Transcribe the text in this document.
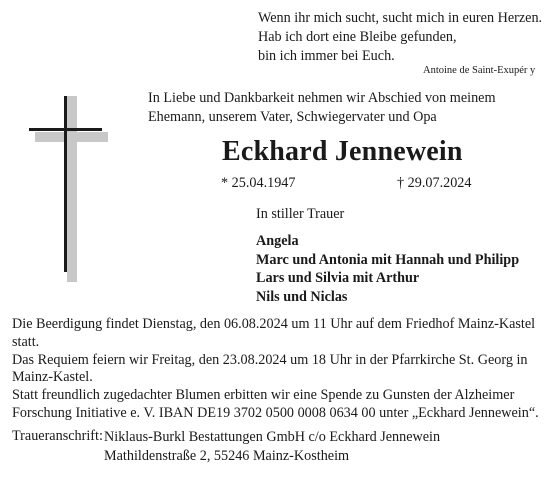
Wenn ihr mich sucht, sucht mich in euren Herzen.
Hab ich dort eine Bleibe gefunden,
bin ich immer bei Euch.
Antoine de Saint-Exupér y
In Liebe und Dankbarkeit nehmen wir Abschied von meinem
Ehemann, unserem Vater, Schwiegervater und Opa
Eckhard Jennewein
* 25.04.1947	† 29.07.2024
In stiller Trauer
Angela
Marc und Antonia mit Hannah und Philipp
Lars und Silvia mit Arthur
Nils und Niclas
Die Beerdigung findet Dienstag, den 06.08.2024 um 11 Uhr auf dem Friedhof Mainz-Kastel
statt.
Das Requiem feiern wir Freitag, den 23.08.2024 um 18 Uhr in der Pfarrkirche St. Georg in
Mainz-Kastel.
Statt freundlich zugedachter Blumen erbitten wir eine Spende zu Gunsten der Alzheimer
Forschung Initiative e. V. IBAN DE19 3702 0500 0008 0634 00 unter „Eckhard Jennewein“.
Traueranschrift: Niklaus-Burkl Bestattungen GmbH c/o Eckhard Jennewein
Mathildenstraße 2, 55246 Mainz-Kostheim
